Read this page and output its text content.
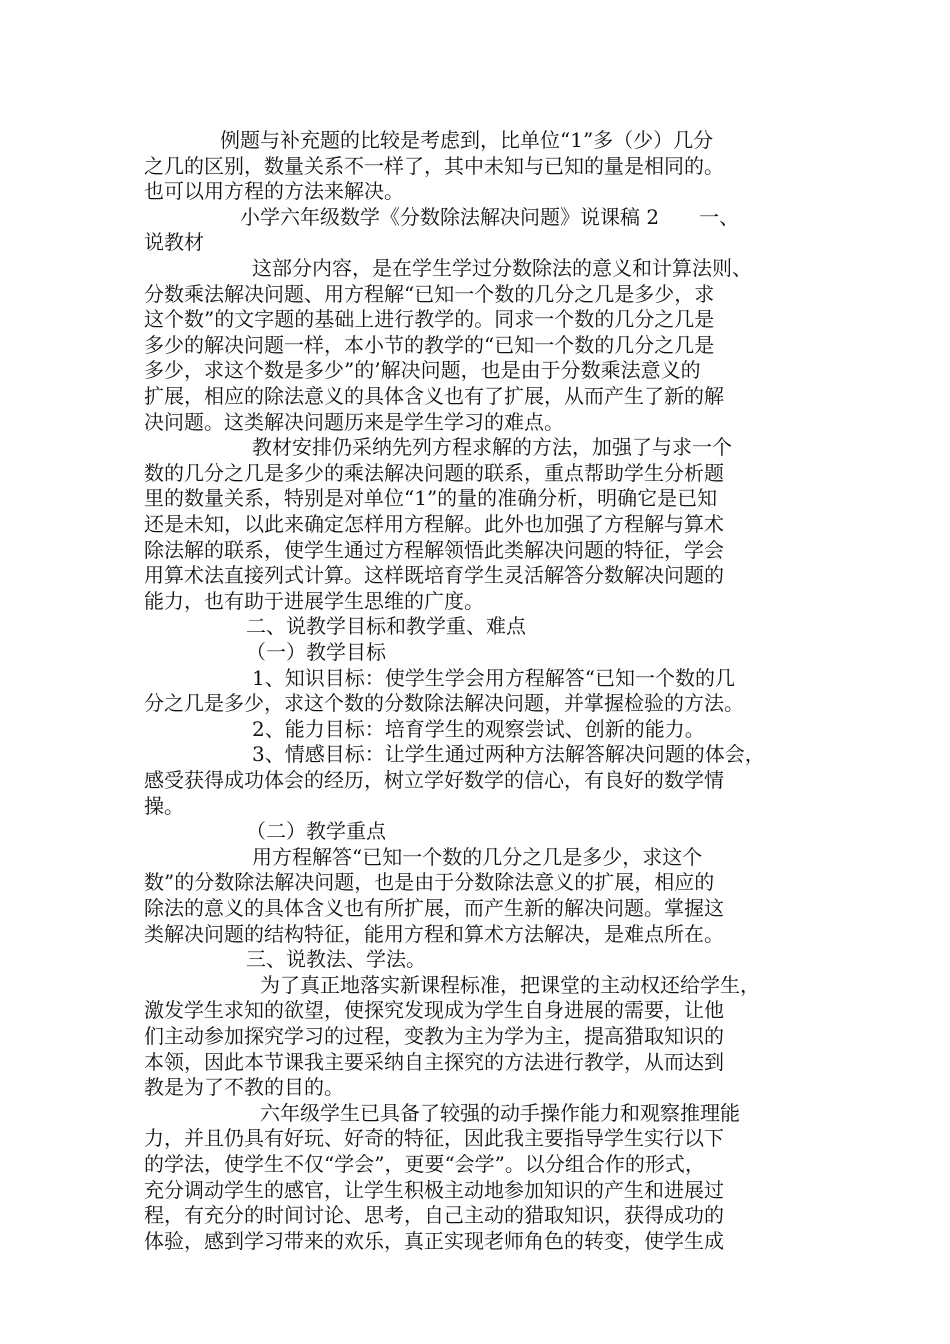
例题与补充题的比较是考虑到，比单位“1”多（少）几分
之几的区别，数量关系不一样了，其中未知与已知的量是相同的。
也可以用方程的方法来解决。
小学六年级数学《分数除法解决问题》说课稿 2　　一、
说教材
这部分内容，是在学生学过分数除法的意义和计算法则、
分数乘法解决问题、用方程解“已知一个数的几分之几是多少，求
这个数”的文字题的基础上进行教学的。同求一个数的几分之几是
多少的解决问题一样，本小节的教学的“已知一个数的几分之几是
多少，求这个数是多少”的’解决问题，也是由于分数乘法意义的
扩展，相应的除法意义的具体含义也有了扩展，从而产生了新的解
决问题。这类解决问题历来是学生学习的难点。
教材安排仍采纳先列方程求解的方法，加强了与求一个
数的几分之几是多少的乘法解决问题的联系，重点帮助学生分析题
里的数量关系，特别是对单位“1”的量的准确分析，明确它是已知
还是未知，以此来确定怎样用方程解。此外也加强了方程解与算术
除法解的联系，使学生通过方程解领悟此类解决问题的特征，学会
用算术法直接列式计算。这样既培育学生灵活解答分数解决问题的
能力，也有助于进展学生思维的广度。
二、说教学目标和教学重、难点
（一）教学目标
1、知识目标：使学生学会用方程解答“已知一个数的几
分之几是多少，求这个数的分数除法解决问题，并掌握检验的方法。
2、能力目标：培育学生的观察尝试、创新的能力。
3、情感目标：让学生通过两种方法解答解决问题的体会，
感受获得成功体会的经历，树立学好数学的信心，有良好的数学情
操。
（二）教学重点
用方程解答“已知一个数的几分之几是多少，求这个
数”的分数除法解决问题，也是由于分数除法意义的扩展，相应的
除法的意义的具体含义也有所扩展，而产生新的解决问题。掌握这
类解决问题的结构特征，能用方程和算术方法解决，是难点所在。
三、说教法、学法。
为了真正地落实新课程标准，把课堂的主动权还给学生，
激发学生求知的欲望，使探究发现成为学生自身进展的需要，让他
们主动参加探究学习的过程，变教为主为学为主，提高猎取知识的
本领，因此本节课我主要采纳自主探究的方法进行教学，从而达到
教是为了不教的目的。
六年级学生已具备了较强的动手操作能力和观察推理能
力，并且仍具有好玩、好奇的特征，因此我主要指导学生实行以下
的学法，使学生不仅“学会”，更要“会学”。以分组合作的形式，
充分调动学生的感官，让学生积极主动地参加知识的产生和进展过
程，有充分的时间讨论、思考，自己主动的猎取知识，获得成功的
体验，感到学习带来的欢乐，真正实现老师角色的转变，使学生成
